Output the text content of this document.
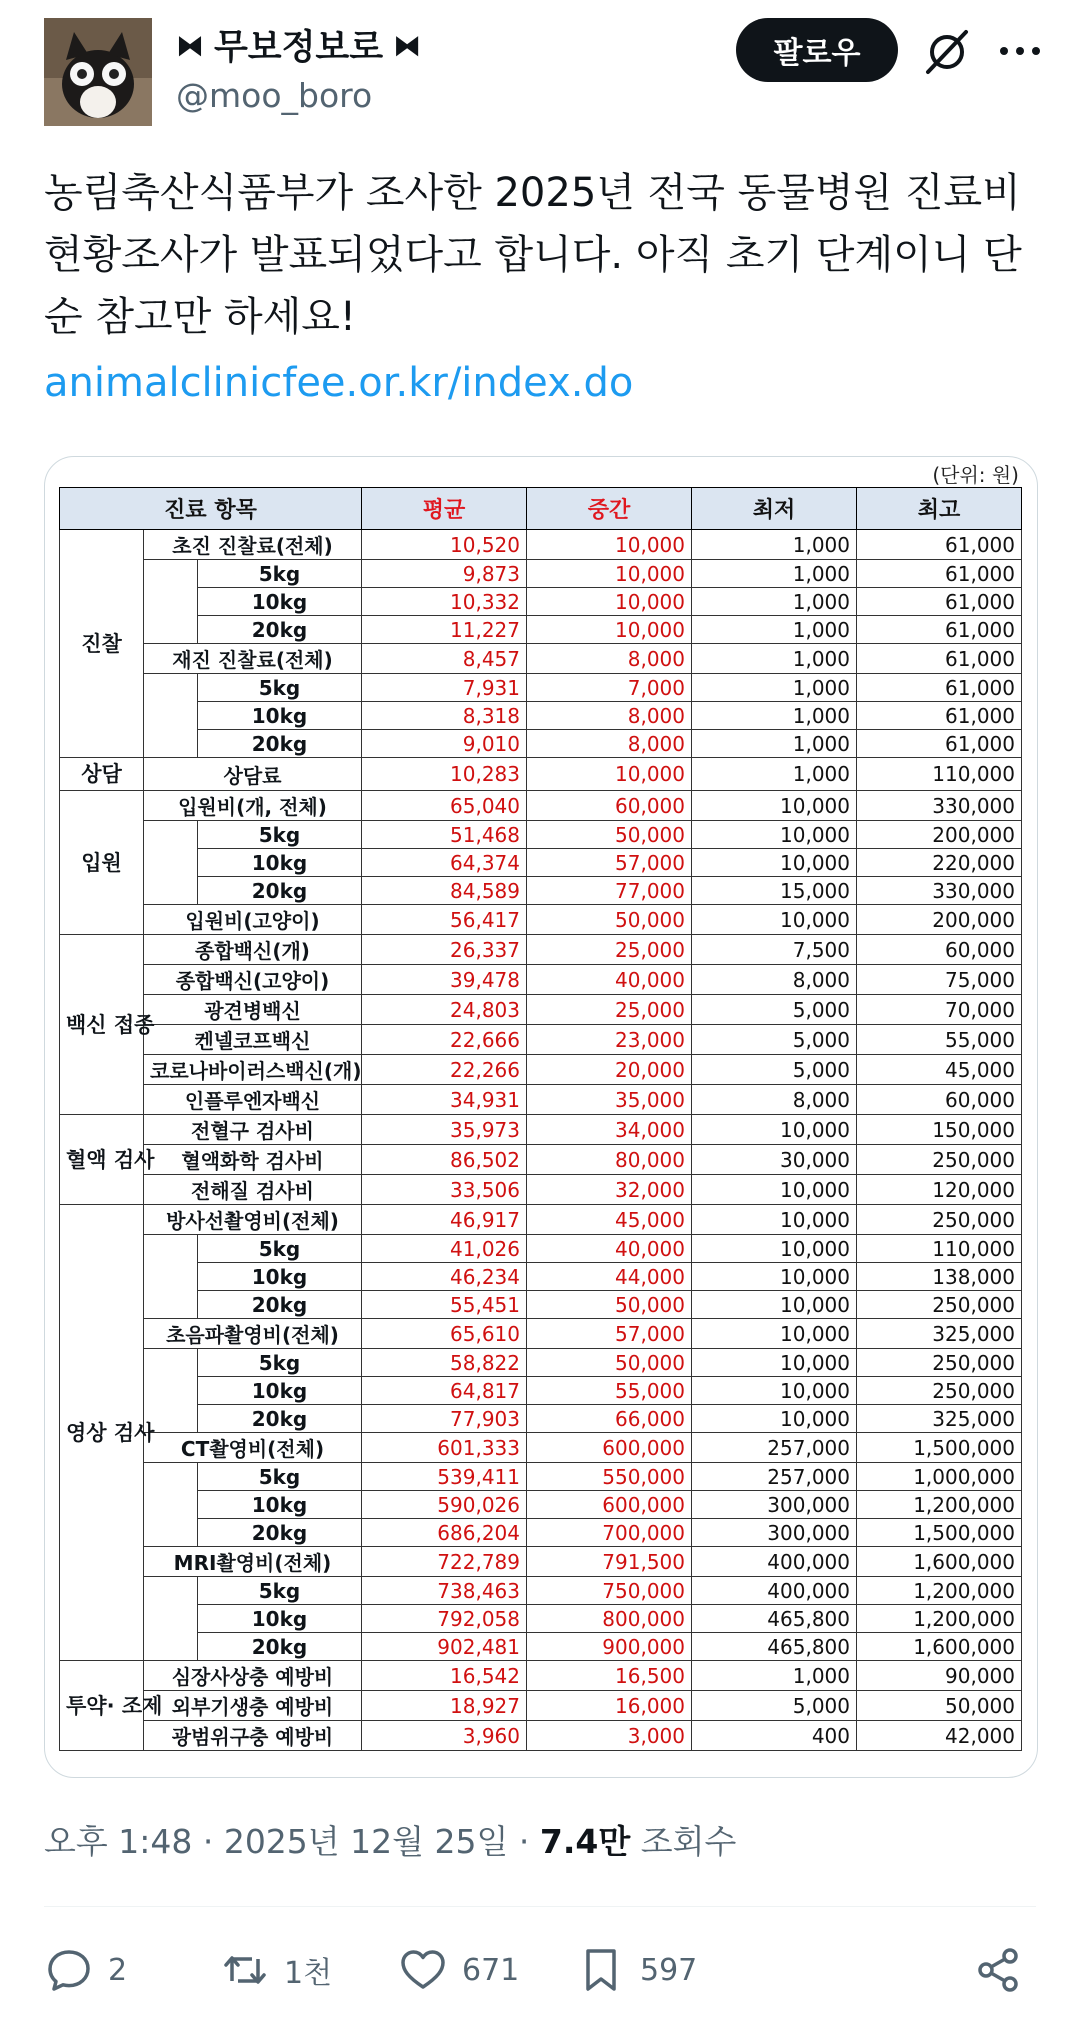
⧓ 무보정보로 ⧓
@moo_boro
팔로우
농림축산식품부가 조사한 2025년 전국 동물병원 진료비 현황조사가 발표되었다고 합니다. 아직 초기 단계이니 단순 참고만 하세요!
animalclinicfee.or.kr/index.do
(단위: 원)
진료 항목			평균	중간	최저	최고
진찰	초진 진찰료(전체)		10,520	10,000	1,000	61,000
		5kg	9,873	10,000	1,000	61,000
		10kg	10,332	10,000	1,000	61,000
		20kg	11,227	10,000	1,000	61,000
	재진 진찰료(전체)		8,457	8,000	1,000	61,000
		5kg	7,931	7,000	1,000	61,000
		10kg	8,318	8,000	1,000	61,000
		20kg	9,010	8,000	1,000	61,000
상담	상담료		10,283	10,000	1,000	110,000
입원	입원비(개, 전체)		65,040	60,000	10,000	330,000
		5kg	51,468	50,000	10,000	200,000
		10kg	64,374	57,000	10,000	220,000
		20kg	84,589	77,000	15,000	330,000
	입원비(고양이)		56,417	50,000	10,000	200,000
백신 접종	종합백신(개)		26,337	25,000	7,500	60,000
	종합백신(고양이)		39,478	40,000	8,000	75,000
	광견병백신		24,803	25,000	5,000	70,000
	켄넬코프백신		22,666	23,000	5,000	55,000
	코로나바이러스백신(개)		22,266	20,000	5,000	45,000
	인플루엔자백신		34,931	35,000	8,000	60,000
혈액 검사	전혈구 검사비		35,973	34,000	10,000	150,000
	혈액화학 검사비		86,502	80,000	30,000	250,000
	전해질 검사비		33,506	32,000	10,000	120,000
영상 검사	방사선촬영비(전체)		46,917	45,000	10,000	250,000
		5kg	41,026	40,000	10,000	110,000
		10kg	46,234	44,000	10,000	138,000
		20kg	55,451	50,000	10,000	250,000
	초음파촬영비(전체)		65,610	57,000	10,000	325,000
		5kg	58,822	50,000	10,000	250,000
		10kg	64,817	55,000	10,000	250,000
		20kg	77,903	66,000	10,000	325,000
	CT촬영비(전체)		601,333	600,000	257,000	1,500,000
		5kg	539,411	550,000	257,000	1,000,000
		10kg	590,026	600,000	300,000	1,200,000
		20kg	686,204	700,000	300,000	1,500,000
	MRI촬영비(전체)		722,789	791,500	400,000	1,600,000
		5kg	738,463	750,000	400,000	1,200,000
		10kg	792,058	800,000	465,800	1,200,000
		20kg	902,481	900,000	465,800	1,600,000
투약· 조제	심장사상충 예방비		16,542	16,500	1,000	90,000
	외부기생충 예방비		18,927	16,000	5,000	50,000
	광범위구충 예방비		3,960	3,000	400	42,000
오후 1:48 · 2025년 12월 25일 · 7.4만 조회수
2	1천	671	597
